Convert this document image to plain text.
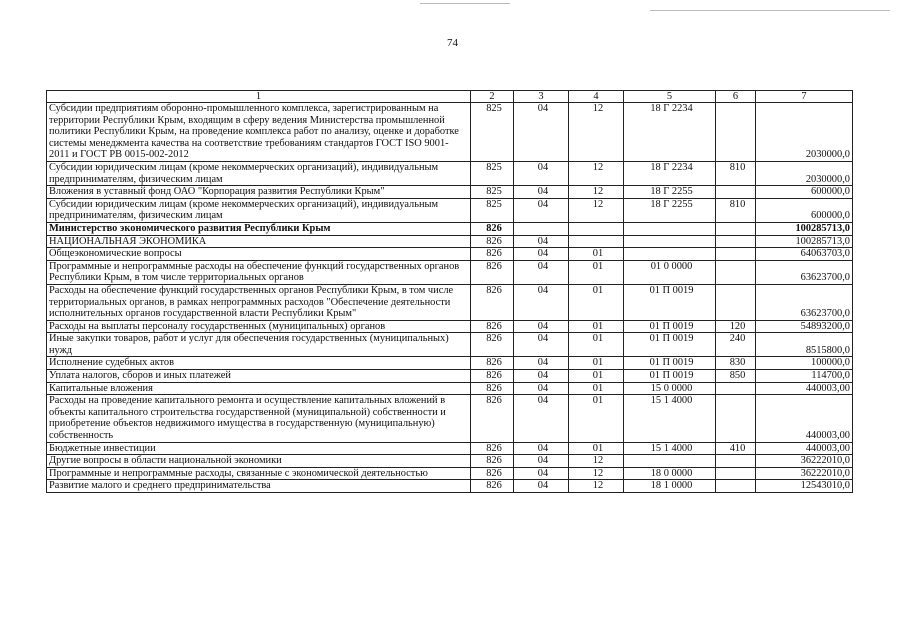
74
1	2	3	4	5	6	7
Субсидии предприятиям оборонно-промышленного комплекса, зарегистрированным на территории Республики Крым, входящим в сферу ведения Министерства промышленной политики Республики Крым, на проведение комплекса работ по анализу, оценке и доработке системы менеджмента качества на соответствие требованиям стандартов ГОСТ ISO 9001-2011 и ГОСТ РВ 0015-002-2012	825	04	12	18 Г 2234		2030000,0
Субсидии юридическим лицам (кроме некоммерческих организаций), индивидуальным предпринимателям, физическим лицам	825	04	12	18 Г 2234	810	2030000,0
Вложения в уставный фонд ОАО "Корпорация развития Республики Крым"	825	04	12	18 Г 2255		600000,0
Субсидии юридическим лицам (кроме некоммерческих организаций), индивидуальным предпринимателям, физическим лицам	825	04	12	18 Г 2255	810	600000,0
Министерство экономического развития Республики Крым	826					100285713,0
НАЦИОНАЛЬНАЯ ЭКОНОМИКА	826	04				100285713,0
Общеэкономические вопросы	826	04	01			64063703,0
Программные и непрограммные расходы на обеспечение функций государственных органов Республики Крым, в том числе территориальных органов	826	04	01	01 0 0000		63623700,0
Расходы на обеспечение функций государственных органов Республики Крым, в том числе территориальных органов, в рамках непрограммных расходов "Обеспечение деятельности исполнительных органов государственной власти Республики Крым"	826	04	01	01 П 0019		63623700,0
Расходы на выплаты персоналу государственных (муниципальных) органов	826	04	01	01 П 0019	120	54893200,0
Иные закупки товаров, работ и услуг для обеспечения государственных (муниципальных) нужд	826	04	01	01 П 0019	240	8515800,0
Исполнение судебных актов	826	04	01	01 П 0019	830	100000,0
Уплата налогов, сборов и иных платежей	826	04	01	01 П 0019	850	114700,0
Капитальные вложения	826	04	01	15 0 0000		440003,00
Расходы на проведение капитального ремонта и осуществление капитальных вложений в объекты капитального строительства государственной (муниципальной) собственности и приобретение объектов недвижимого имущества в государственную (муниципальную) собственность	826	04	01	15 1 4000		440003,00
Бюджетные инвестиции	826	04	01	15 1 4000	410	440003,00
Другие вопросы в области национальной экономики	826	04	12			36222010,0
Программные и непрограммные расходы, связанные с экономической деятельностью	826	04	12	18 0 0000		36222010,0
Развитие малого и среднего предпринимательства	826	04	12	18 1 0000		12543010,0
